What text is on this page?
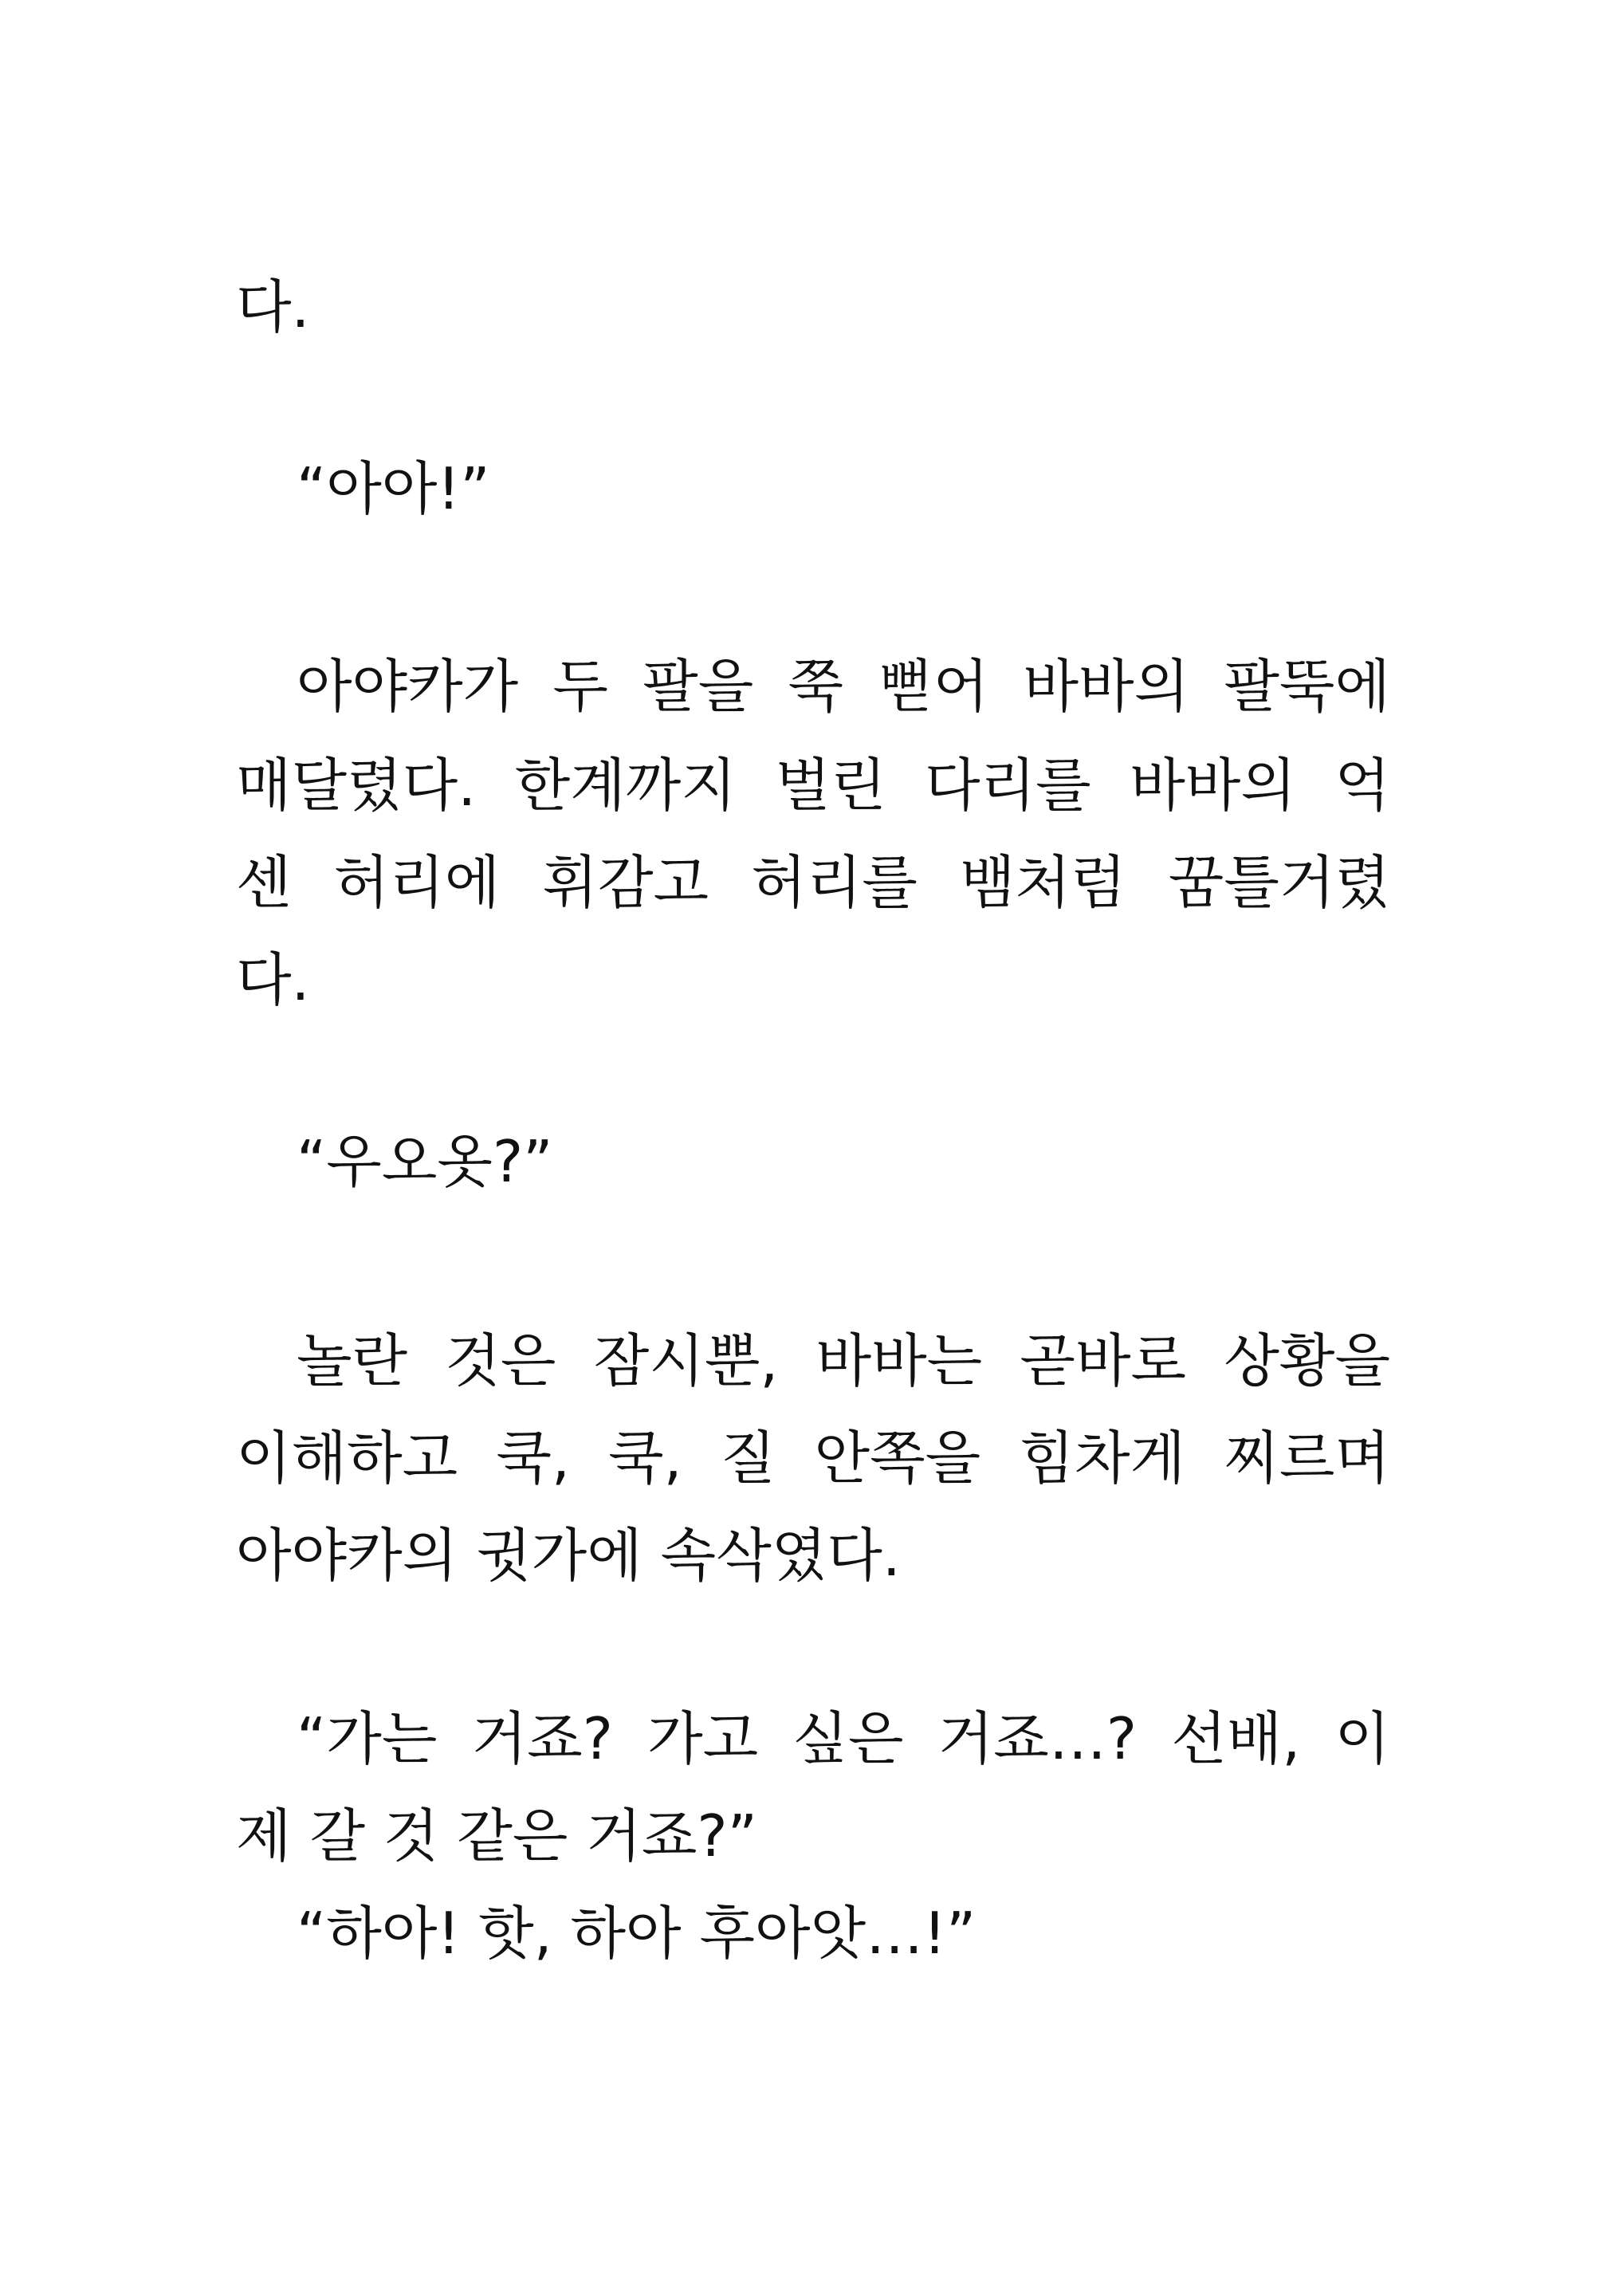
다.
“아아!”
아야카가 두 팔을 쭉 뻗어 바바의 팔뚝에
매달렸다. 한계까지 벌린 다리를 바바의 억
센 허리에 휘감고 허리를 뱀처럼 꿈틀거렸
다.
“우오옷?”
놀란 것은 잠시뿐, 바바는 곧바로 상황을
이해하고 쿡, 쿡, 질 안쪽을 힘차게 찌르며
아야카의 귓가에 속삭였다.
“가는 거죠? 가고 싶은 거죠…? 선배, 이
제 갈 것 같은 거죠?”
“하아! 핫, 하아 후아앗…!”
